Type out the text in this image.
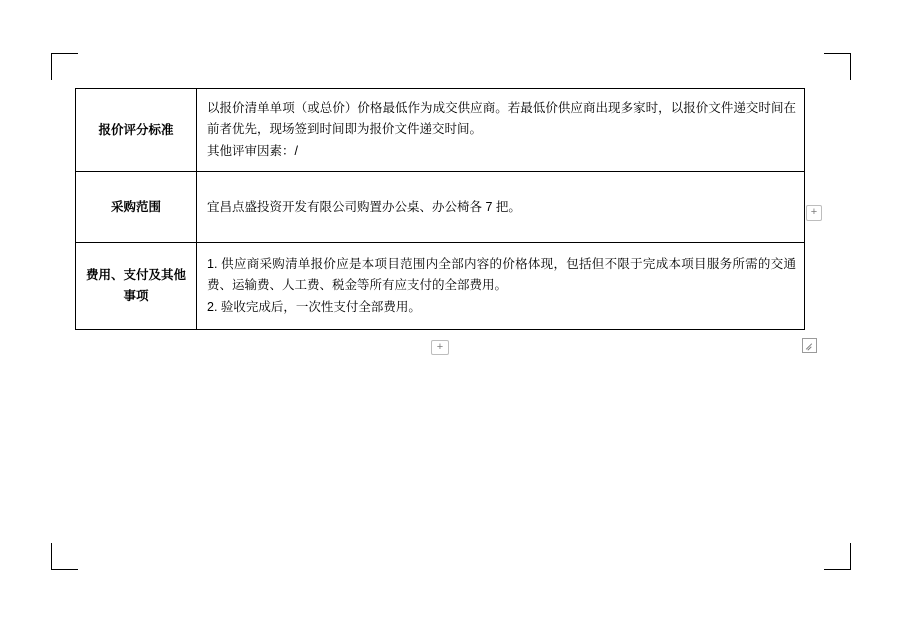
报价评分标准	以报价清单单项（或总价）价格最低作为成交供应商。若最低价供应商出现多家时，以报价文件递交时间在前者优先，现场签到时间即为报价文件递交时间。

其他评审因素：/

采购范围	宜昌点盛投资开发有限公司购置办公桌、办公椅各 7 把。

费用、支付及其他事项	1. 供应商采购清单报价应是本项目范围内全部内容的价格体现，包括但不限于完成本项目服务所需的交通费、运输费、人工费、税金等所有应支付的全部费用。

2. 验收完成后，一次性支付全部费用。

+
+
